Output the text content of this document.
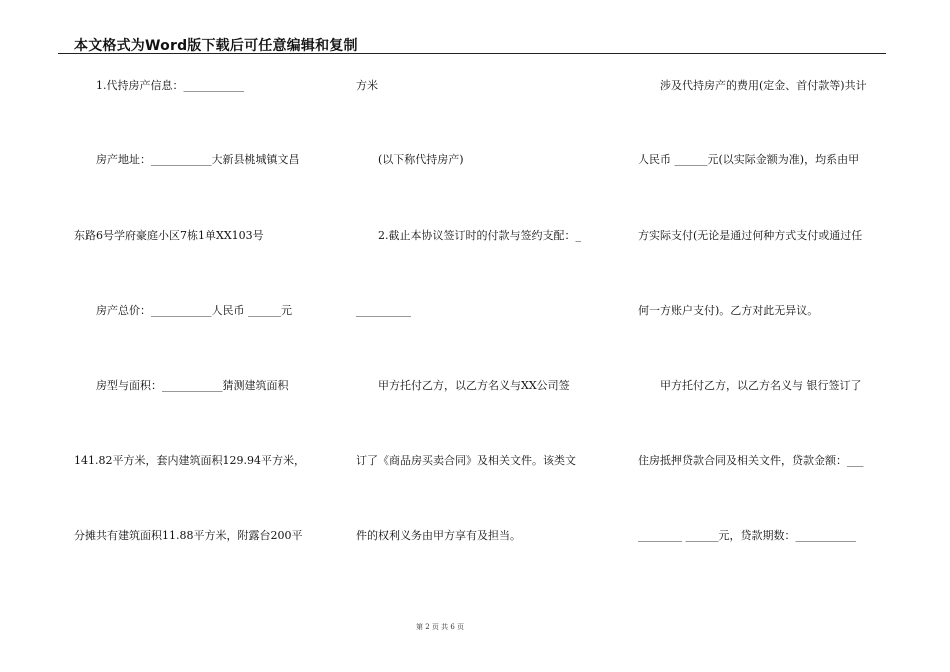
本文格式为Word版下载后可任意编辑和复制
　　1.代持房产信息：___________
　　房产地址：___________大新县桃城镇文昌
东路6号学府豪庭小区7栋1单XX103号
　　房产总价：___________人民币 ______元
　　房型与面积：___________猜测建筑面积
141.82平方米，套内建筑面积129.94平方米，
分摊共有建筑面积11.88平方米，附露台200平
方米
　　(以下称代持房产)
　　2.截止本协议签订时的付款与签约支配：_
__________
　　甲方托付乙方，以乙方名义与XX公司签
订了《商品房买卖合同》及相关文件。该类文
件的权利义务由甲方享有及担当。
　　涉及代持房产的费用(定金、首付款等)共计
人民币 ______元(以实际金额为准)，均系由甲
方实际支付(无论是通过何种方式支付或通过任
何一方账户支付)。乙方对此无异议。
　　甲方托付乙方，以乙方名义与 银行签订了
住房抵押贷款合同及相关文件，贷款金额：___
________ ______元，贷款期数：___________
第 2 页 共 6 页
